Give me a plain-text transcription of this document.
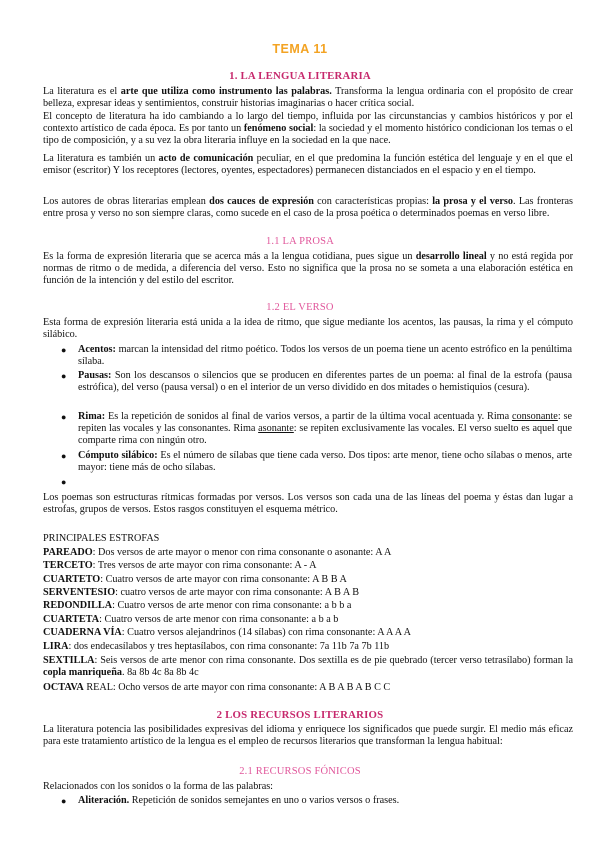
TEMA 11
1. LA LENGUA LITERARIA
La literatura es el arte que utiliza como instrumento las palabras. Transforma la lengua ordinaria con el propósito de crear belleza, expresar ideas y sentimientos, construir historias imaginarias o hacer crítica social.
El concepto de literatura ha ido cambiando a lo largo del tiempo, influida por las circunstancias y cambios históricos y por el contexto artístico de cada época. Es por tanto un fenómeno social: la sociedad y el momento histórico condicionan los temas o el tipo de composición, y a su vez la obra literaria influye en la sociedad en la que nace.
La literatura es también un acto de comunicación peculiar, en el que predomina la función estética del lenguaje y en el que el emisor (escritor) Y los receptores (lectores, oyentes, espectadores) permanecen distanciados en el espacio y en el tiempo.
Los autores de obras literarias emplean dos cauces de expresión con características propias: la prosa y el verso. Las fronteras entre prosa y verso no son siempre claras, como sucede en el caso de la prosa poética o determinados poemas en verso libre.
1.1 LA PROSA
Es la forma de expresión literaria que se acerca más a la lengua cotidiana, pues sigue un desarrollo lineal y no está regida por normas de ritmo o de medida, a diferencia del verso. Esto no significa que la prosa no se someta a una elaboración estética en función de la intención y del estilo del escritor.
1.2 EL VERSO
Esta forma de expresión literaria está unida a la idea de ritmo, que sigue mediante los acentos, las pausas, la rima y el cómputo silábico.
●
Acentos: marcan la intensidad del ritmo poético. Todos los versos de un poema tiene un acento estrófico en la penúltima sílaba.
●
Pausas: Son los descansos o silencios que se producen en diferentes partes de un poema: al final de la estrofa (pausa estrófica), del verso (pausa versal) o en el interior de un verso dividido en dos mitades o hemistiquios (cesura).
●
Rima: Es la repetición de sonidos al final de varios versos, a partir de la última vocal acentuada y. Rima consonante: se repiten las vocales y las consonantes. Rima asonante: se repiten exclusivamente las vocales. El verso suelto es aquel que comparte rima con ningún otro.
●
Cómputo silábico: Es el número de sílabas que tiene cada verso. Dos tipos: arte menor, tiene ocho sílabas o menos, arte mayor: tiene más de ocho sílabas.
●
Los poemas son estructuras rítmicas formadas por versos. Los versos son cada una de las líneas del poema y éstas dan lugar a estrofas, grupos de versos. Estos rasgos constituyen el esquema métrico.
PRINCIPALES ESTROFAS
PAREADO: Dos versos de arte mayor o menor con rima consonante o asonante: A A
TERCETO: Tres versos de arte mayor con rima consonante: A - A
CUARTETO: Cuatro versos de arte mayor con rima consonante: A B B A
SERVENTESIO: cuatro versos de arte mayor con rima consonante: A B A B
REDONDILLA: Cuatro versos de arte menor con rima consonante: a b b a
CUARTETA: Cuatro versos de arte menor con rima consonante: a b a b
CUADERNA VÍA: Cuatro versos alejandrinos (14 sílabas) con rima consonante: A A A A
LIRA: dos endecasílabos y tres heptasílabos, con rima consonante: 7a 11b 7a 7b 11b
SEXTILLA: Seis versos de arte menor con rima consonante. Dos sextilla es de pie quebrado (tercer verso tetrasílabo) forman la copla manriqueña. 8a 8b 4c 8a 8b 4c
OCTAVA REAL: Ocho versos de arte mayor con rima consonante: A B A B A B C C
2 LOS RECURSOS LITERARIOS
La literatura potencia las posibilidades expresivas del idioma y enriquece los significados que puede surgir. El medio más eficaz para este tratamiento artístico de la lengua es el empleo de recursos literarios que transforman la lengua habitual:
2.1 RECURSOS FÓNICOS
Relacionados con los sonidos o la forma de las palabras:
●
Aliteración. Repetición de sonidos semejantes en uno o varios versos o frases.
